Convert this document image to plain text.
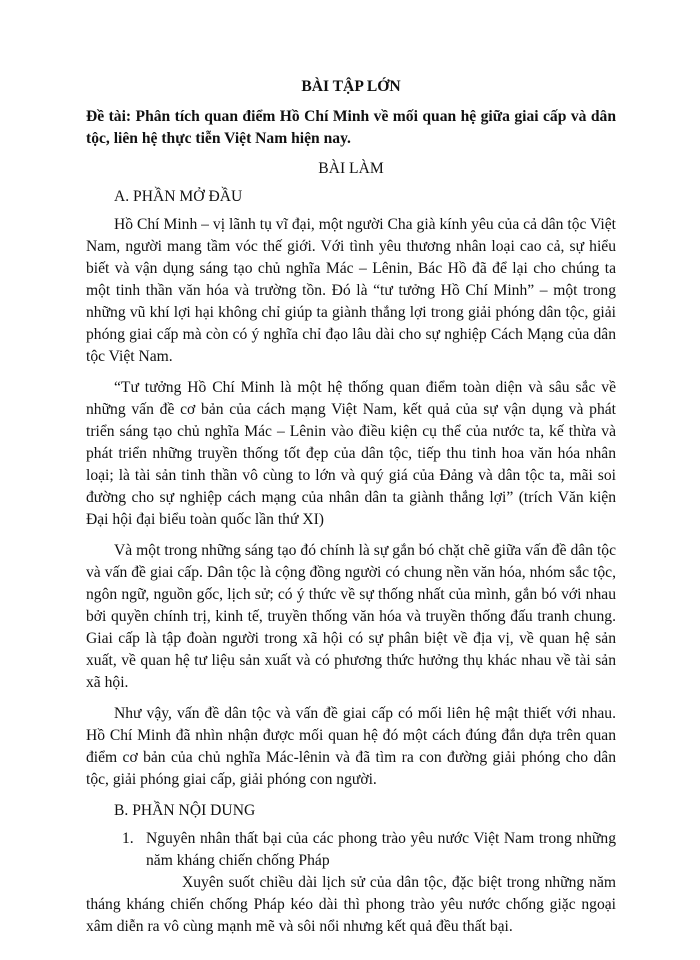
BÀI TẬP LỚN
Đề tài: Phân tích quan điểm Hồ Chí Minh về mối quan hệ giữa giai cấp và dân tộc, liên hệ thực tiễn Việt Nam hiện nay.
BÀI LÀM
A. PHẦN MỞ ĐẦU

Hồ Chí Minh – vị lãnh tụ vĩ đại, một người Cha già kính yêu của cả dân tộc Việt Nam, người mang tầm vóc thế giới. Với tình yêu thương nhân loại cao cả, sự hiểu biết và vận dụng sáng tạo chủ nghĩa Mác – Lênin, Bác Hồ đã để lại cho chúng ta một tinh thần văn hóa và trường tồn. Đó là “tư tưởng Hồ Chí Minh” – một trong những vũ khí lợi hại không chỉ giúp ta giành thắng lợi trong giải phóng dân tộc, giải phóng giai cấp mà còn có ý nghĩa chỉ đạo lâu dài cho sự nghiệp Cách Mạng của dân tộc Việt Nam.

“Tư tưởng Hồ Chí Minh là một hệ thống quan điểm toàn diện và sâu sắc về những vấn đề cơ bản của cách mạng Việt Nam, kết quả của sự vận dụng và phát triển sáng tạo chủ nghĩa Mác – Lênin vào điều kiện cụ thể của nước ta, kế thừa và phát triển những truyền thống tốt đẹp của dân tộc, tiếp thu tinh hoa văn hóa nhân loại; là tài sản tinh thần vô cùng to lớn và quý giá của Đảng và dân tộc ta, mãi soi đường cho sự nghiệp cách mạng của nhân dân ta giành thắng lợi” (trích Văn kiện Đại hội đại biểu toàn quốc lần thứ XI)

Và một trong những sáng tạo đó chính là sự gắn bó chặt chẽ giữa vấn đề dân tộc và vấn đề giai cấp. Dân tộc là cộng đồng người có chung nền văn hóa, nhóm sắc tộc, ngôn ngữ, nguồn gốc, lịch sử; có ý thức về sự thống nhất của mình, gắn bó với nhau bởi quyền chính trị, kinh tế, truyền thống văn hóa và truyền thống đấu tranh chung. Giai cấp là tập đoàn người trong xã hội có sự phân biệt về địa vị, về quan hệ sản xuất, về quan hệ tư liệu sản xuất và có phương thức hưởng thụ khác nhau về tài sản xã hội.

Như vậy, vấn đề dân tộc và vấn đề giai cấp có mối liên hệ mật thiết với nhau. Hồ Chí Minh đã nhìn nhận được mối quan hệ đó một cách đúng đắn dựa trên quan điểm cơ bản của chủ nghĩa Mác-lênin và đã tìm ra con đường giải phóng cho dân tộc, giải phóng giai cấp, giải phóng con người.

B. PHẦN NỘI DUNG
1. Nguyên nhân thất bại của các phong trào yêu nước Việt Nam trong những năm kháng chiến chống Pháp

Xuyên suốt chiều dài lịch sử của dân tộc, đặc biệt trong những năm tháng kháng chiến chống Pháp kéo dài thì phong trào yêu nước chống giặc ngoại xâm diễn ra vô cùng mạnh mẽ và sôi nổi nhưng kết quả đều thất bại.
